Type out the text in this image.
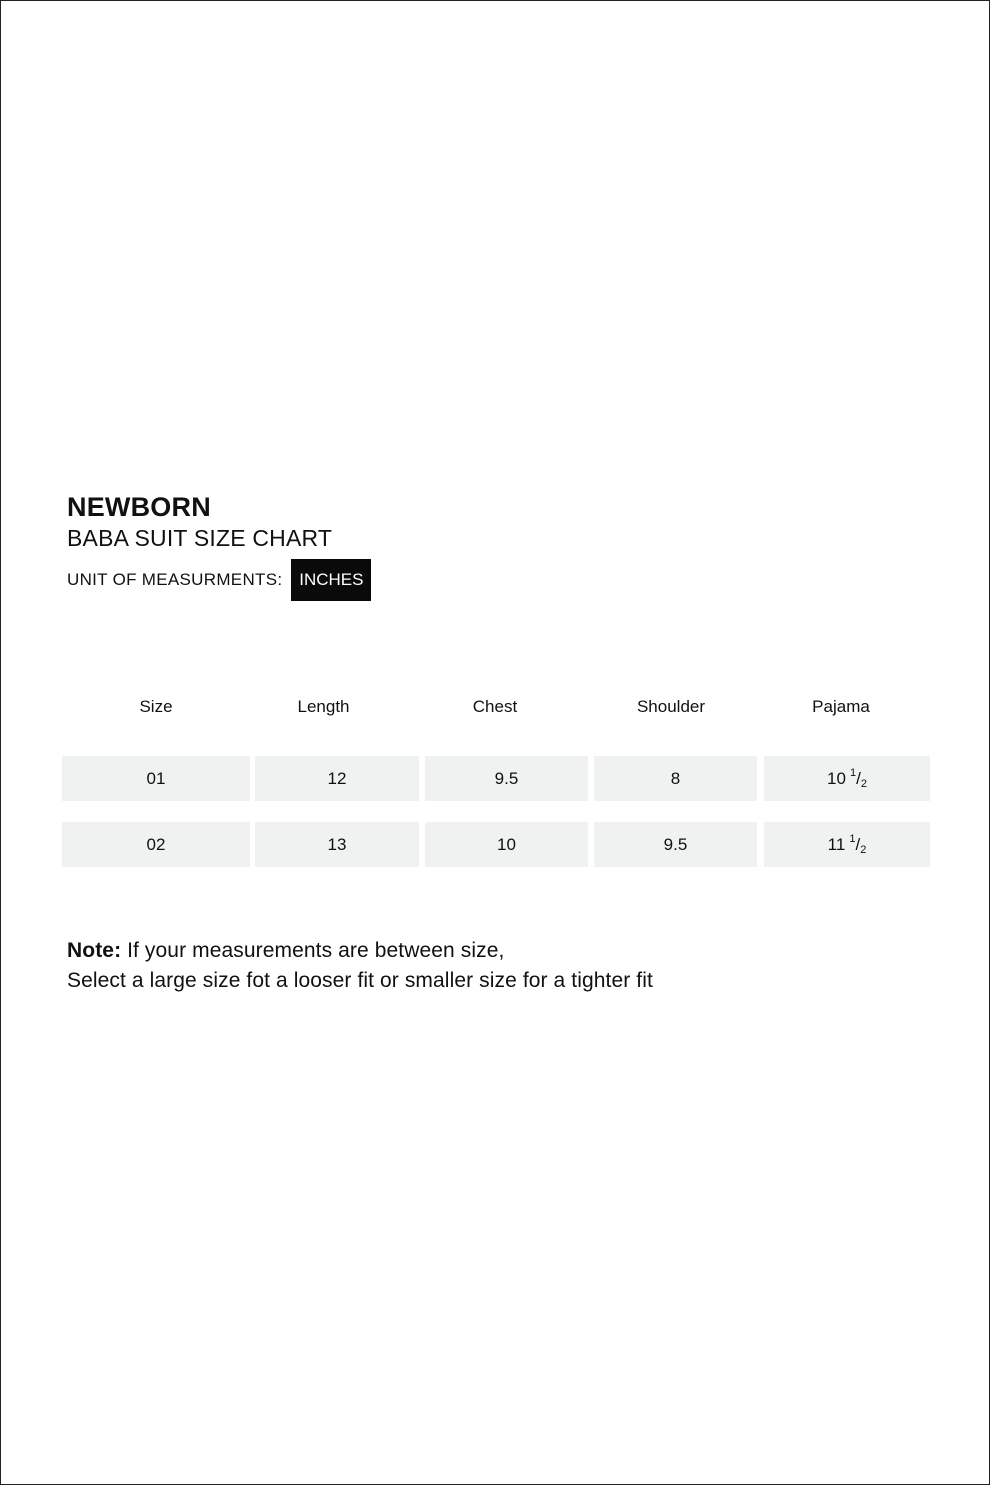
NEWBORN
BABA SUIT SIZE CHART
UNIT OF MEASURMENTS: INCHES
Size	Length	Chest	Shoulder	Pajama
01	12	9.5	8	10 1 / 2
02	13	10	9.5	11 1 / 2
Note: If your measurements are between size,
Select a large size fot a looser fit or smaller size for a tighter fit
